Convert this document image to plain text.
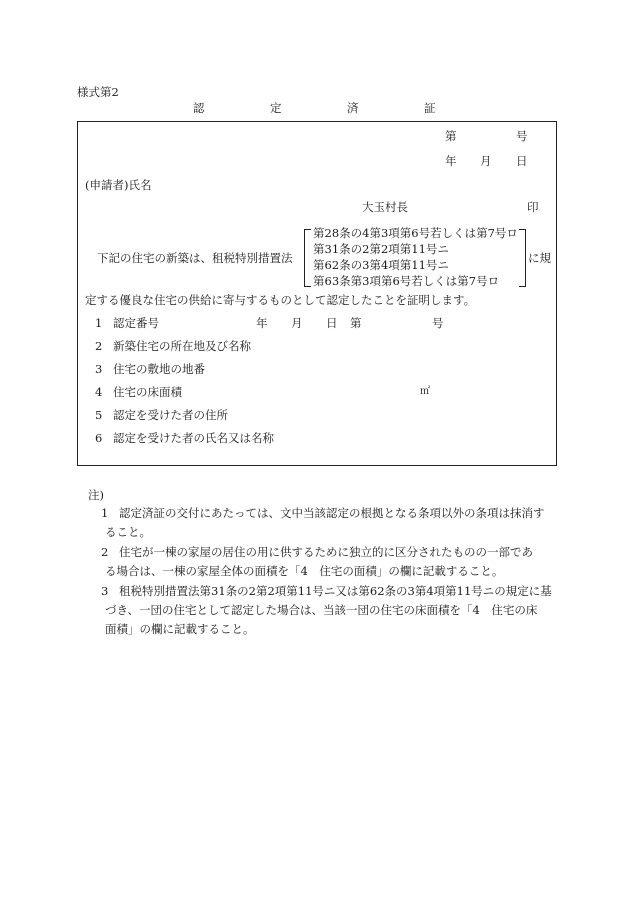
様式第2
認	定	済	証
第	号
年 月 日
(申請者)氏名
大玉村長	印
下記の住宅の新築は、租税特別措置法
第28条の4第3項第6号若しくは第7号ロ
第31条の2第2項第11号ニ
第62条の3第4項第11号ニ
第63条第3項第6号若しくは第7号ロ
に規
定する優良な住宅の供給に寄与するものとして認定したことを証明します。
1 認定番号	年 月 日 第	号
2 新築住宅の所在地及び名称
3 住宅の敷地の地番
4 住宅の床面積	㎡
5 認定を受けた者の住所
6 認定を受けた者の氏名又は名称
注)
1 認定済証の交付にあたっては、文中当該認定の根拠となる条項以外の条項は抹消す
ること。
2 住宅が一棟の家屋の居住の用に供するために独立的に区分されたものの一部であ
る場合は、一棟の家屋全体の面積を「4　住宅の面積」の欄に記載すること。
3 租税特別措置法第31条の2第2項第11号ニ又は第62条の3第4項第11号ニの規定に基
づき、一団の住宅として認定した場合は、当該一団の住宅の床面積を「4　住宅の床
面積」の欄に記載すること。
